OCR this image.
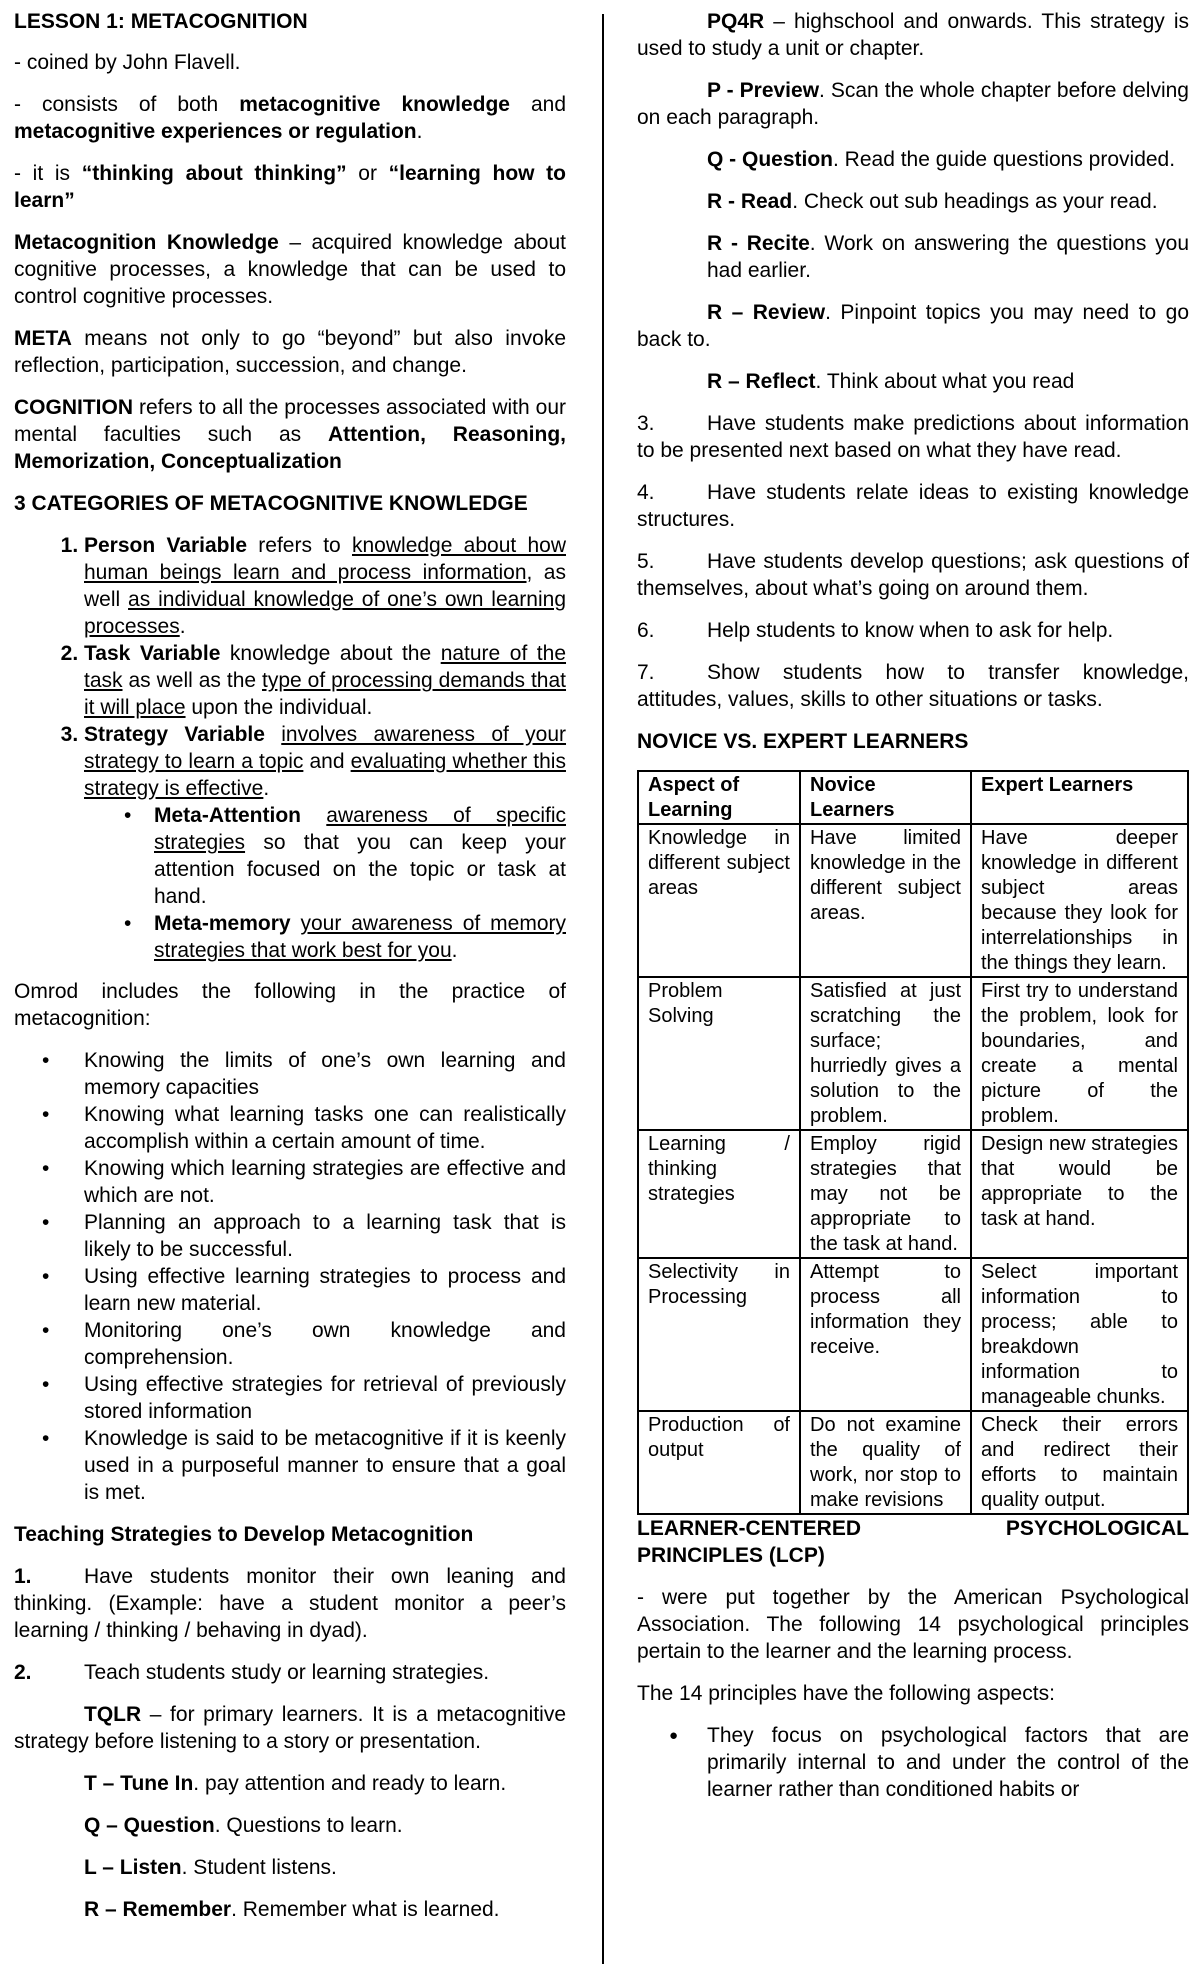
LESSON 1: METACOGNITION

- coined by John Flavell.

- consists of both metacognitive knowledge and metacognitive experiences or regulation.

- it is “thinking about thinking” or “learning how to learn”

Metacognition Knowledge – acquired knowledge about cognitive processes, a knowledge that can be used to control cognitive processes.

META means not only to go “beyond” but also invoke reflection, participation, succession, and change.

COGNITION refers to all the processes associated with our mental faculties such as Attention, Reasoning, Memorization, Conceptualization

3 CATEGORIES OF METACOGNITIVE KNOWLEDGE
1. Person Variable refers to knowledge about how human beings learn and process information, as well as individual knowledge of one’s own learning processes.
2. Task Variable knowledge about the nature of the task as well as the type of processing demands that it will place upon the individual.
3. Strategy Variable involves awareness of your strategy to learn a topic and evaluating whether this strategy is effective.
• Meta-Attention awareness of specific strategies so that you can keep your attention focused on the topic or task at hand.
• Meta-memory your awareness of memory strategies that work best for you.

Omrod includes the following in the practice of metacognition:

• Knowing the limits of one’s own learning and memory capacities
• Knowing what learning tasks one can realistically accomplish within a certain amount of time.
• Knowing which learning strategies are effective and which are not.
• Planning an approach to a learning task that is likely to be successful.
• Using effective learning strategies to process and learn new material.
• Monitoring one’s own knowledge and comprehension.
• Using effective strategies for retrieval of previously stored information
• Knowledge is said to be metacognitive if it is keenly used in a purposeful manner to ensure that a goal is met.
Teaching Strategies to Develop Metacognition

1. Have students monitor their own leaning and thinking. (Example: have a student monitor a peer’s learning / thinking / behaving in dyad).

2. Teach students study or learning strategies.

TQLR – for primary learners. It is a metacognitive strategy before listening to a story or presentation.

T – Tune In. pay attention and ready to learn.
Q – Question. Questions to learn.
L – Listen. Student listens.
R – Remember. Remember what is learned.

PQ4R – highschool and onwards. This strategy is used to study a unit or chapter.

P - Preview. Scan the whole chapter before delving on each paragraph.

Q - Question. Read the guide questions provided.
R - Read. Check out sub headings as your read.
R - Recite. Work on answering the questions you had earlier.

R – Review. Pinpoint topics you may need to go back to.

R – Reflect. Think about what you read

3. Have students make predictions about information to be presented next based on what they have read.

4. Have students relate ideas to existing knowledge structures.

5. Have students develop questions; ask questions of themselves, about what’s going on around them.

6. Help students to know when to ask for help.

7. Show students how to transfer knowledge, attitudes, values, skills to other situations or tasks.

NOVICE VS. EXPERT LEARNERS
Aspect of Learning	Novice Learners	Expert Learners
Knowledge in different subject areas	Have limited knowledge in the different subject areas.	Have deeper knowledge in different subject areas because they look for interrelationships in the things they learn.
Problem Solving	Satisfied at just scratching the surface; hurriedly gives a solution to the problem.	First try to understand the problem, look for boundaries, and create a mental picture of the problem.
Learning / thinking strategies	Employ rigid strategies that may not be appropriate to the task at hand.	Design new strategies that would be appropriate to the task at hand.
Selectivity in Processing	Attempt to process all information they receive.	Select important information to process; able to breakdown information to manageable chunks.
Production of output	Do not examine the quality of work, nor stop to make revisions	Check their errors and redirect their efforts to maintain quality output.
LEARNER-CENTERED	PSYCHOLOGICAL
PRINCIPLES (LCP)

- were put together by the American Psychological Association. The following 14 psychological principles pertain to the learner and the learning process.

The 14 principles have the following aspects:

● They focus on psychological factors that are primarily internal to and under the control of the learner rather than conditioned habits or
